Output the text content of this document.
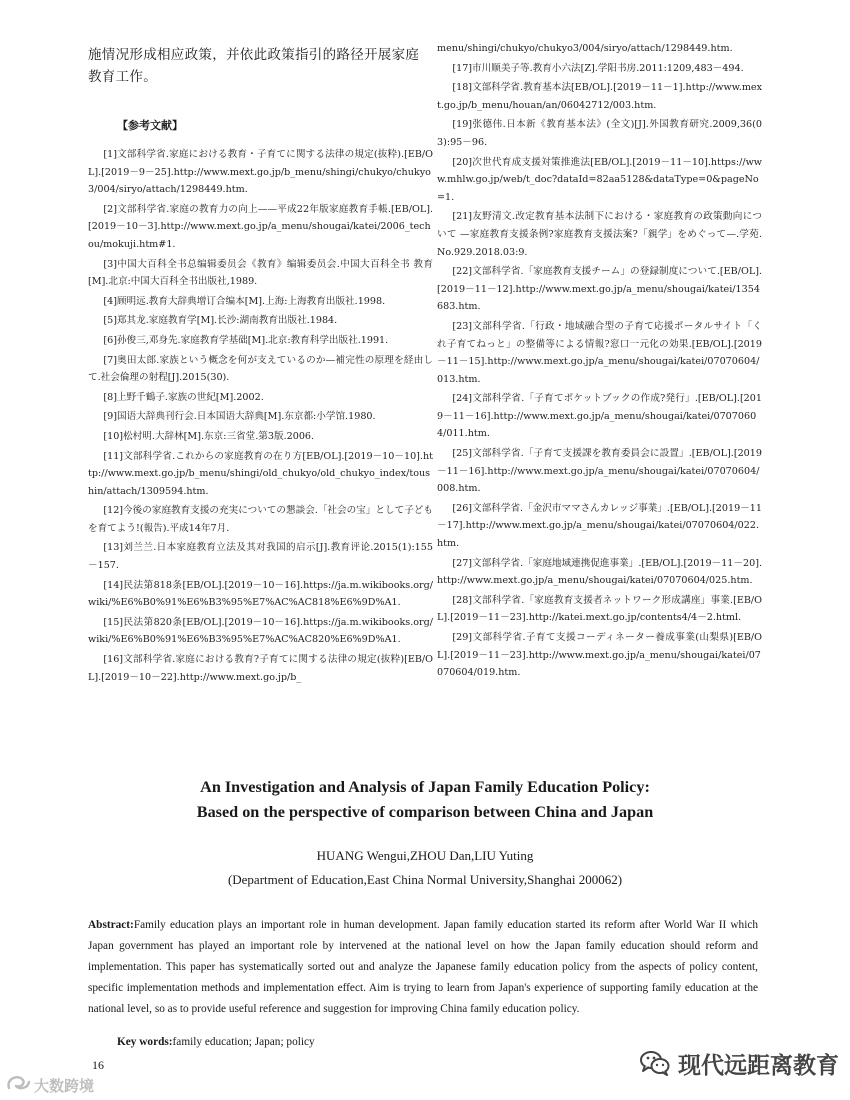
施情况形成相应政策，并依此政策指引的路径开展家庭教育工作。
【参考文献】

[1]文部科学省.家庭における教育・子育てに関する法律の規定(抜粋).[EB/OL].[2019－9－25].http://www.mext.go.jp/b_menu/shingi/chukyo/chukyo3/004/siryo/attach/1298449.htm.

[2]文部科学省.家庭の教育力の向上——平成22年版家庭教育手帳.[EB/OL].[2019－10－3].http://www.mext.go.jp/a_menu/shougai/katei/2006_techou/mokuji.htm#1.

[3]中国大百科全书总编辑委员会《教育》编辑委员会.中国大百科全书 教育[M].北京:中国大百科全书出版社,1989.

[4]顾明远.教育大辞典增订合编本[M].上海:上海教育出版社.1998.

[5]郑其龙.家庭教育学[M].长沙:湖南教育出版社.1984.

[6]孙俊三,邓身先.家庭教育学基础[M].北京:教育科学出版社.1991.

[7]奥田太郎.家族という概念を何が支えているのか—補完性の原理を経由して.社会倫理の射程[J].2015(30).

[8]上野千鶴子.家族の世紀[M].2002.

[9]国语大辞典刊行会.日本国语大辞典[M].东京都:小学馆.1980.

[10]松村明.大辞林[M].东京:三省堂.第3版.2006.

[11]文部科学省.これからの家庭教育の在り方[EB/OL].[2019－10－10].http://www.mext.go.jp/b_menu/shingi/old_chukyo/old_chukyo_index/toushin/attach/1309594.htm.

[12]今後の家庭教育支援の充実についての懇談会.「社会の宝」として子どもを育てよう!(報告).平成14年7月.

[13]刘兰兰.日本家庭教育立法及其对我国的启示[J].教育评论.2015(1):155－157.

[14]民法第818条[EB/OL].[2019－10－16].https://ja.m.wikibooks.org/wiki/%E6%B0%91%E6%B3%95%E7%AC%AC818%E6%9D%A1.

[15]民法第820条[EB/OL].[2019－10－16].https://ja.m.wikibooks.org/wiki/%E6%B0%91%E6%B3%95%E7%AC%AC820%E6%9D%A1.

[16]文部科学省.家庭における教育?子育てに関する法律の規定(抜粋)[EB/OL].[2019－10－22].http://www.mext.go.jp/b_

menu/shingi/chukyo/chukyo3/004/siryo/attach/1298449.htm.

[17]市川顺美子等.教育小六法[Z].学阳书房.2011:1209,483－494.

[18]文部科学省.教育基本法[EB/OL].[2019－11－1].http://www.mext.go.jp/b_menu/houan/an/06042712/003.htm.

[19]张德伟.日本新《教育基本法》(全文)[J].外国教育研究.2009,36(03):95－96.

[20]次世代育成支援対策推進法[EB/OL].[2019－11－10].https://www.mhlw.go.jp/web/t_doc?dataId=82aa5128&dataType=0&pageNo=1.

[21]友野清文.改定教育基本法制下における・家庭教育の政策動向について —家庭教育支援条例?家庭教育支援法案?「親学」をめぐって—.学苑.No.929.2018.03:9.

[22]文部科学省.「家庭教育支援チーム」の登録制度について.[EB/OL].[2019－11－12].http://www.mext.go.jp/a_menu/shougai/katei/1354683.htm.

[23]文部科学省.「行政・地域融合型の子育て応援ポータルサイト「くれ子育てねっと」の整備等による情報?窓口一元化の効果.[EB/OL].[2019－11－15].http://www.mext.go.jp/a_menu/shougai/katei/07070604/013.htm.

[24]文部科学省.「子育てポケットブックの作成?発行」.[EB/OL].[2019－11－16].http://www.mext.go.jp/a_menu/shougai/katei/07070604/011.htm.

[25]文部科学省.「子育て支援課を教育委員会に設置」.[EB/OL].[2019－11－16].http://www.mext.go.jp/a_menu/shougai/katei/07070604/008.htm.

[26]文部科学省.「金沢市ママさんカレッジ事業」.[EB/OL].[2019－11－17].http://www.mext.go.jp/a_menu/shougai/katei/07070604/022.htm.

[27]文部科学省.「家庭地域連携促進事業」.[EB/OL].[2019－11－20].http://www.mext.go.jp/a_menu/shougai/katei/07070604/025.htm.

[28]文部科学省.「家庭教育支援者ネットワーク形成講座」事業.[EB/OL].[2019－11－23].http://katei.mext.go.jp/contents4/4－2.html.

[29]文部科学省.子育て支援コーディネーター養成事業(山梨県)[EB/OL].[2019－11－23].http://www.mext.go.jp/a_menu/shougai/katei/07070604/019.htm.

An Investigation and Analysis of Japan Family Education Policy:
Based on the perspective of comparison between China and Japan
HUANG Wengui,ZHOU Dan,LIU Yuting
(Department of Education,East China Normal University,Shanghai 200062)
Abstract:Family education plays an important role in human development. Japan family education started its reform after World War II which Japan government has played an important role by intervened at the national level on how the Japan family education should reform and implementation. This paper has systematically sorted out and analyze the Japanese family education policy from the aspects of policy content, specific implementation methods and implementation effect. Aim is trying to learn from Japan's experience of supporting family education at the national level, so as to provide useful reference and suggestion for improving China family education policy.
Key words:family education; Japan; policy
16
大数跨境
现代远距离教育
